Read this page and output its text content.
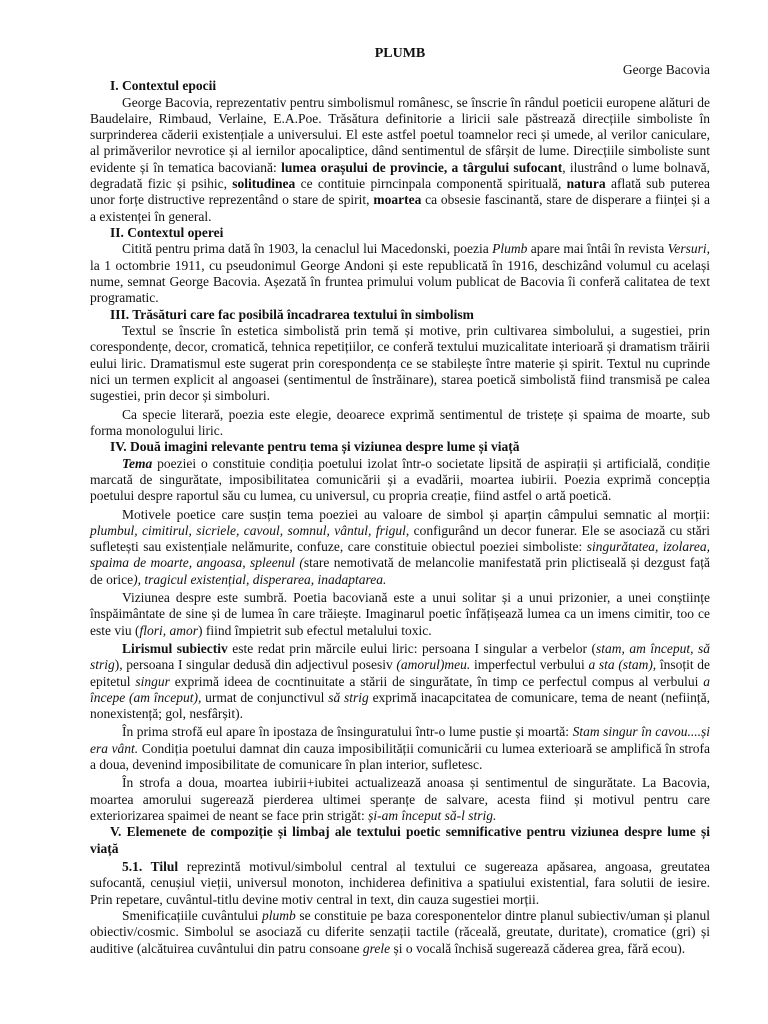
PLUMB
George Bacovia
I. Contextul epocii

George Bacovia, reprezentativ pentru simbolismul românesc, se înscrie în rândul poeticii europene alături de Baudelaire, Rimbaud, Verlaine, E.A.Poe. Trăsătura definitorie a liricii sale păstrează direcțiile simboliste în surprinderea căderii existențiale a universului. El este astfel poetul toamnelor reci și umede, al verilor caniculare, al primăverilor nevrotice și al iernilor apocaliptice, dând sentimentul de sfârșit de lume. Direcțiile simboliste sunt evidente și în tematica bacoviană: lumea orașului de provincie, a târgului sufocant, ilustrând o lume bolnavă, degradată fizic și psihic, solitudinea ce contituie pirncinpala componentă spirituală, natura aflată sub puterea unor forțe distructive reprezentând o stare de spirit, moartea ca obsesie fascinantă, stare de disperare a ființei și a a existenței în general.

II. Contextul operei

Citită pentru prima dată în 1903, la cenaclul lui Macedonski, poezia Plumb apare mai întâi în revista Versuri, la 1 octombrie 1911, cu pseudonimul George Andoni și este republicată în 1916, deschizând volumul cu același nume, semnat George Bacovia. Așezată în fruntea primului volum publicat de Bacovia îi conferă calitatea de text programatic.

III. Trăsături care fac posibilă încadrarea textului în simbolism

Textul se înscrie în estetica simbolistă prin temă și motive, prin cultivarea simbolului, a sugestiei, prin corespondențe, decor, cromatică, tehnica repetițiilor, ce conferă textului muzicalitate interioară și dramatism trăirii eului liric. Dramatismul este sugerat prin corespondența ce se stabilește între materie și spirit. Textul nu cuprinde nici un termen explicit al angoasei (sentimentul de înstrăinare), starea poetică simbolistă fiind transmisă pe calea sugestiei, prin decor și simboluri.

Ca specie literară, poezia este elegie, deoarece exprimă sentimentul de tristețe și spaima de moarte, sub forma monologului liric.

IV. Două imagini relevante pentru tema și viziunea despre lume și viață

Tema poeziei o constituie condiția poetului izolat într-o societate lipsită de aspirații și artificială, condiție marcată de singurătate, imposibilitatea comunicării și a evadării, moartea iubirii. Poezia exprimă concepția poetului despre raportul său cu lumea, cu universul, cu propria creație, fiind astfel o artă poetică.

Motivele poetice care susțin tema poeziei au valoare de simbol și aparțin câmpului semnatic al morții: plumbul, cimitirul, sicriele, cavoul, somnul, vântul, frigul, configurând un decor funerar. Ele se asociază cu stări sufletești sau existențiale nelămurite, confuze, care constituie obiectul poeziei simboliste: singurătatea, izolarea, spaima de moarte, angoasa, spleenul (stare nemotivată de melancolie manifestată prin plictiseală și dezgust față de orice), tragicul existențial, disperarea, inadaptarea.

Viziunea despre este sumbră. Poetia bacoviană este a unui solitar și a unui prizonier, a unei conștiințe înspăimântate de sine și de lumea în care trăiește. Imaginarul poetic înfățișează lumea ca un imens cimitir, too ce este viu (flori, amor) fiind împietrit sub efectul metalului toxic.

Lirismul subiectiv este redat prin mărcile eului liric: persoana I singular a verbelor (stam, am început, să strig), persoana I singular dedusă din adjectivul posesiv (amorul)meu. imperfectul verbului a sta (stam), însoțit de epitetul singur exprimă ideea de cocntinuitate a stării de singurătate, în timp ce perfectul compus al verbului a începe (am început), urmat de conjunctivul să strig exprimă inacapcitatea de comunicare, tema de neant (neființă, nonexistență; gol, nesfârșit).

În prima strofă eul apare în ipostaza de însinguratului într-o lume pustie și moartă: Stam singur în cavou....și era vânt. Condiția poetului damnat din cauza imposibilității comunicării cu lumea exterioară se amplifică în strofa a doua, devenind imposibilitate de comunicare în plan interior, sufletesc.

În strofa a doua, moartea iubirii+iubitei actualizează anoasa și sentimentul de singurătate. La Bacovia, moartea amorului sugerează pierderea ultimei speranțe de salvare, acesta fiind și motivul pentru care exteriorizarea spaimei de neant se face prin strigăt: și-am început să-l strig.

V. Elemenete de compoziție și limbaj ale textului poetic semnificative pentru viziunea despre lume și viață

5.1. Tilul reprezintă motivul/simbolul central al textului ce sugereaza apăsarea, angoasa, greutatea sufocantă, cenușiul vieții, universul monoton, inchiderea definitiva a spatiului existential, fara solutii de iesire. Prin repetare, cuvântul-titlu devine motiv central in text, din cauza sugestiei morții.

Smenificațiile cuvântului plumb se constituie pe baza coresponentelor dintre planul subiectiv/uman și planul obiectiv/cosmic. Simbolul se asociază cu diferite senzații tactile (răceală, greutate, duritate), cromatice (gri) și auditive (alcătuirea cuvântului din patru consoane grele și o vocală închisă sugerează căderea grea, fără ecou).
